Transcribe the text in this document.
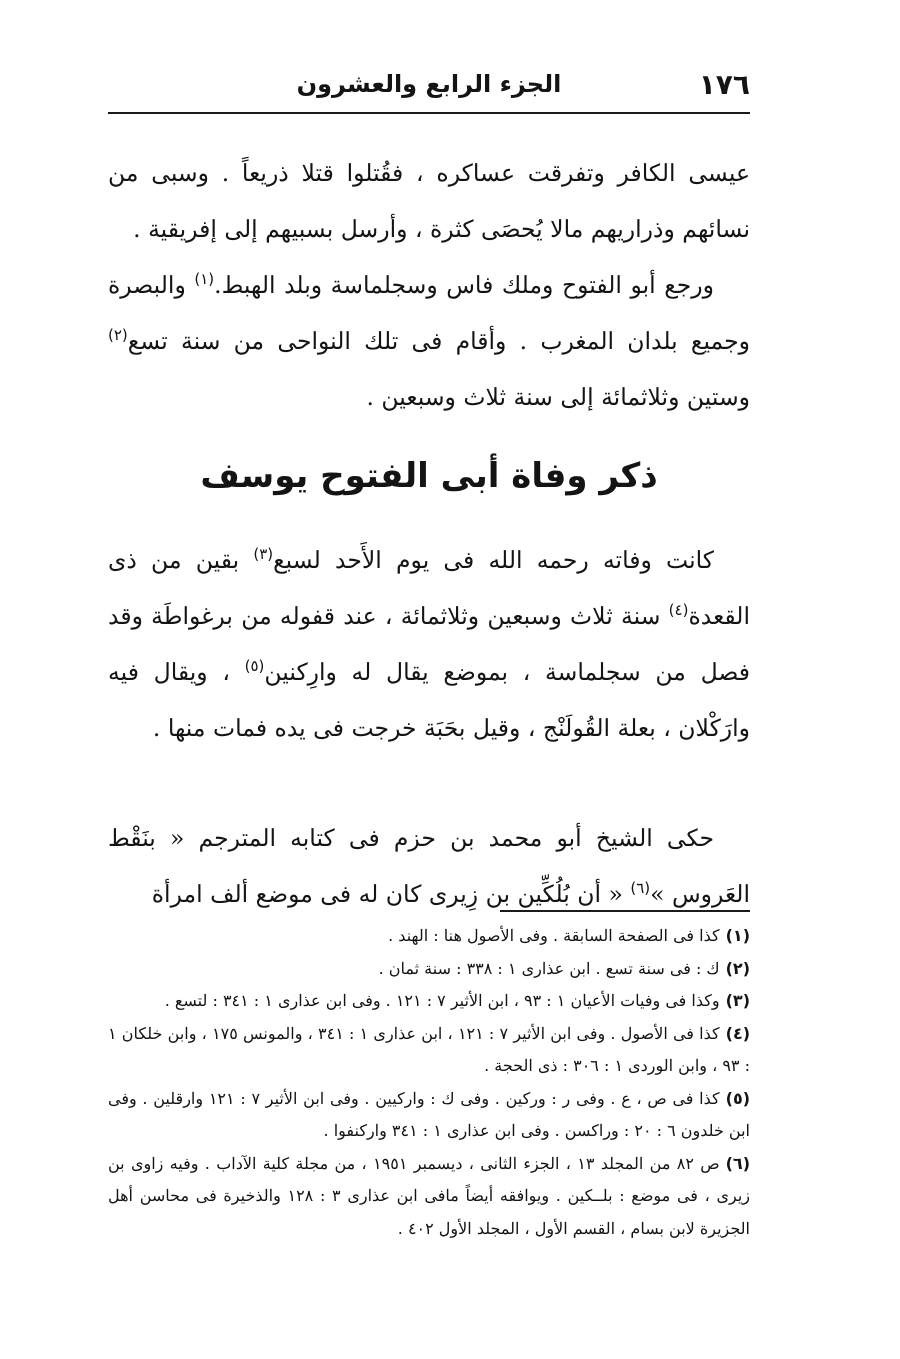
١٧٦
الجزء الرابع والعشرون

عيسى الكافر وتفرقت عساكره ، فقُتلوا قتلا ذريعاً . وسبى من نسائهم وذراريهم مالا يُحصَى كثرة ، وأرسل بسبيهم إلى إفريقية .

ورجع أبو الفتوح وملك فاس وسجلماسة وبلد الهبط.$^{(١)}$ والبصرة وجميع بلدان المغرب . وأقام فى تلك النواحى من سنة تسع$^{(٢)}$ وستين وثلاثمائة إلى سنة ثلاث وسبعين .

ذكر وفاة أبى الفتوح يوسف

كانت وفاته رحمه الله فى يوم الأَحد لسبع$^{(٣)}$ بقين من ذى القعدة$^{(٤)}$ سنة ثلاث وسبعين وثلاثمائة ، عند قفوله من برغواطَة وقد فصل من سجلماسة ، بموضع يقال له وارِكنين$^{(٥)}$ ، ويقال فيه وارَكْلان ، بعلة القُولَنْج ، وقيل بحَبَة خرجت فى يده فمات منها .

حكى الشيخ أبو محمد بن حزم فى كتابه المترجم « بنَقْط العَروس »$^{(٦)}$ « أن بُلُكِّين بن زِيرى كان له فى موضع ألف امرأة

(١)كذا فى الصفحة السابقة . وفى الأصول هنا : الهند .

(٢)ك : فى سنة تسع . ابن عذارى ١ : ٣٣٨ : سنة ثمان .

(٣)وكذا فى وفيات الأعيان ١ : ٩٣ ، ابن الأثير ٧ : ١٢١ . وفى ابن عذارى ١ : ٣٤١ : لتسع .

(٤)كذا فى الأصول . وفى ابن الأثير ٧ : ١٢١ ، ابن عذارى ١ : ٣٤١ ، والمونس ١٧٥ ، وابن خلكان ١ : ٩٣ ، وابن الوردى ١ : ٣٠٦ : ذى الحجة .

(٥)كذا فى ص ، ع . وفى ر : وركين . وفى ك : واركيين . وفى ابن الأثير ٧ : ١٢١ وارقلين . وفى ابن خلدون ٦ : ٢٠ : وراكسن . وفى ابن عذارى ١ : ٣٤١ واركنفوا .

(٦)ص ٨٢ من المجلد ١٣ ، الجزء الثانى ، ديسمبر ١٩٥١ ، من مجلة كلية الآداب . وفيه زاوى بن زيرى ، فى موضع : بلــكين . ويوافقه أيضاً مافى ابن عذارى ٣ : ١٢٨ والذخيرة فى محاسن أهل الجزيرة لابن بسام ، القسم الأول ، المجلد الأول ٤٠٢ .
